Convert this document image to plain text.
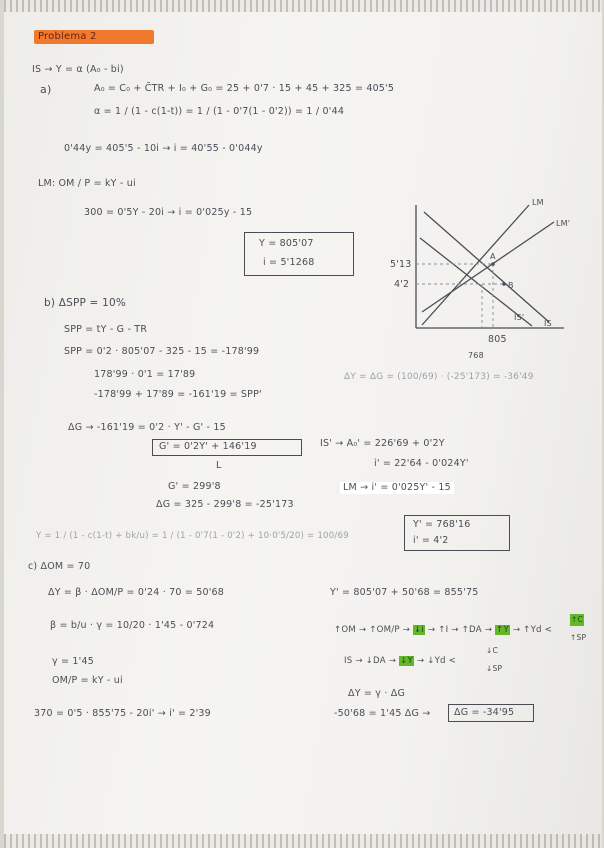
Problema 2
IS → Y = α (A₀ - bi)
a)	A₀ = C₀ + C̄TR + I₀ + G₀ = 25 + 0'7 · 15 + 45 + 325 = 405'5
α = 1 / (1 - c(1-t)) = 1 / (1 - 0'7(1 - 0'2)) = 1 / 0'44
0'44y = 405'5 - 10i → i = 40'55 - 0'044y
LM: OM / P = kY - ui
300 = 0'5Y - 20i → i = 0'025y - 15
Y = 805'07
i = 5'1268	5'13
4'2
805
768
LM
LM'
IS
IS'
A
B
b) ΔSPP = 10%
SPP = tY - G - TR
SPP = 0'2 · 805'07 - 325 - 15 = -178'99
178'99 · 0'1 = 17'89
-178'99 + 17'89 = -161'19 = SPP'
ΔY = ΔG = (100/69) · (-25'173) = -36'49
ΔG → -161'19 = 0'2 · Y' - G' - 15
G' = 0'2Y' + 146'19
L
G' = 299'8
ΔG = 325 - 299'8 = -25'173
IS' → A₀' = 226'69 + 0'2Y
i' = 22'64 - 0'024Y'
LM → i' = 0'025Y' - 15
Y = 1 / (1 - c(1-t) + bk/u) = 1 / (1 - 0'7(1 - 0'2) + 10·0'5/20) = 100/69
Y' = 768'16
i' = 4'2
c) ΔOM = 70
ΔY = β · ΔOM/P = 0'24 · 70 = 50'68
β = b/u · γ = 10/20 · 1'45 - 0'724
γ = 1'45
OM/P = kY - ui
370 = 0'5 · 855'75 - 20i' → i' = 2'39
Y' = 805'07 + 50'68 = 855'75
↑OM → ↑OM/P → ↓i → ↑I → ↑DA → ↑Y → ↑Yd <
↑C
↑SP
IS → ↓DA → ↓Y → ↓Yd <
↓C
↓SP
ΔY = γ · ΔG
-50'68 = 1'45 ΔG → ΔG = -34'95
